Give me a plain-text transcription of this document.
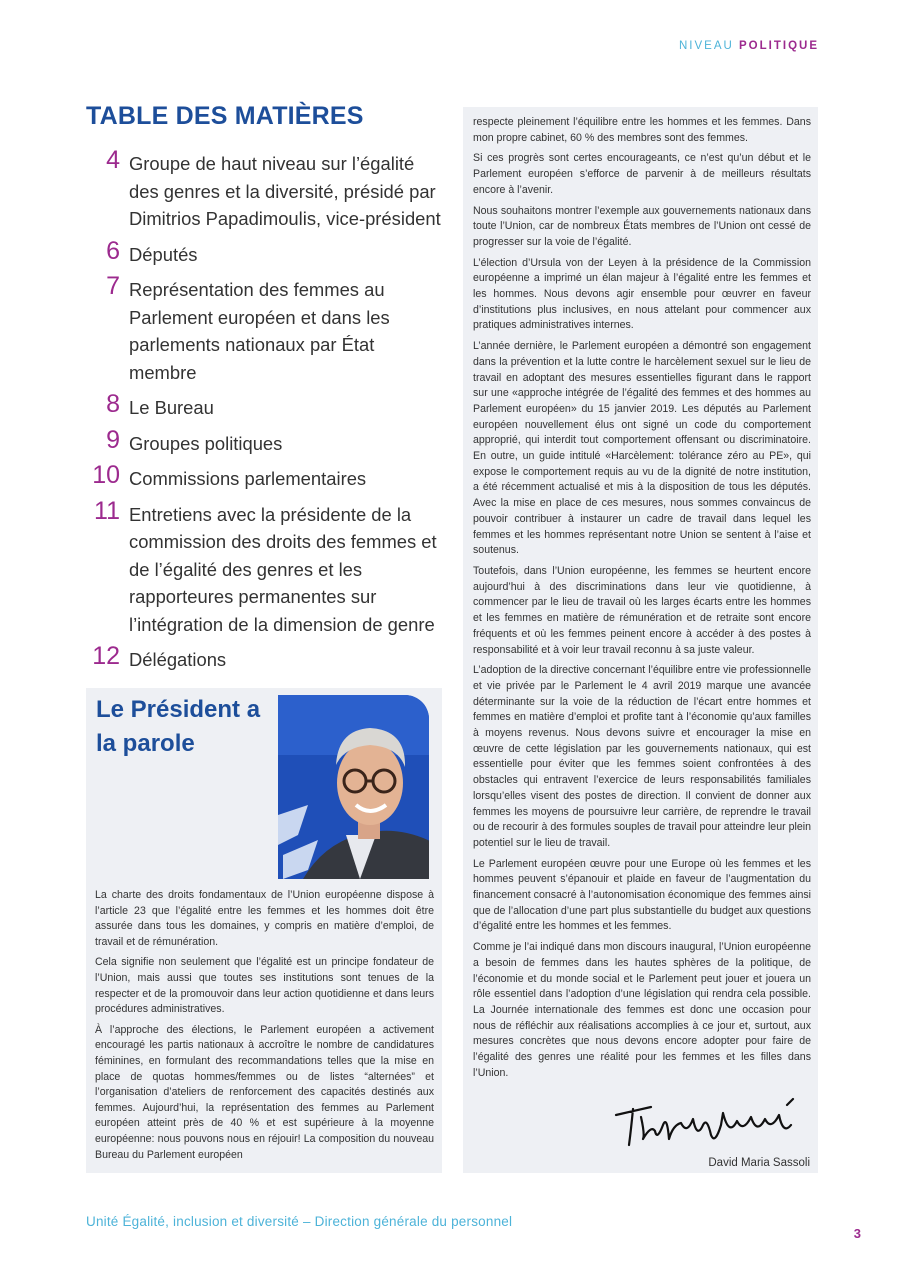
NIVEAU POLITIQUE
TABLE DES MATIÈRES
4 Groupe de haut niveau sur l’égalité des genres et la diversité, présidé par Dimitrios Papadimoulis, vice-président
6 Députés
7 Représentation des femmes au Parlement européen et dans les parlements nationaux par État membre
8 Le Bureau
9 Groupes politiques
10 Commissions parlementaires
11 Entretiens avec la présidente de la commission des droits des femmes et de l’égalité des genres et les rapporteures permanentes sur l’intégration de la dimension de genre
12 Délégations
Le Président a la parole

La charte des droits fondamentaux de l’Union européenne dispose à l’article 23 que l’égalité entre les femmes et les hommes doit être assurée dans tous les domaines, y compris en matière d’emploi, de travail et de rémunération.

Cela signifie non seulement que l’égalité est un principe fondateur de l’Union, mais aussi que toutes ses institutions sont tenues de la respecter et de la promouvoir dans leur action quotidienne et dans leurs procédures administratives.

À l’approche des élections, le Parlement européen a activement encouragé les partis nationaux à accroître le nombre de candidatures féminines, en formulant des recommandations telles que la mise en place de quotas hommes/femmes ou de listes “alternées” et l’organisation d’ateliers de renforcement des capacités destinés aux femmes. Aujourd’hui, la représentation des femmes au Parlement européen atteint près de 40 % et est supérieure à la moyenne européenne: nous pouvons nous en réjouir! La composition du nouveau Bureau du Parlement européen

respecte pleinement l’équilibre entre les hommes et les femmes. Dans mon propre cabinet, 60 % des membres sont des femmes.

Si ces progrès sont certes encourageants, ce n’est qu’un début et le Parlement européen s’efforce de parvenir à de meilleurs résultats encore à l’avenir.

Nous souhaitons montrer l’exemple aux gouvernements nationaux dans toute l’Union, car de nombreux États membres de l’Union ont cessé de progresser sur la voie de l’égalité.

L’élection d’Ursula von der Leyen à la présidence de la Commission européenne a imprimé un élan majeur à l’égalité entre les femmes et les hommes. Nous devons agir ensemble pour œuvrer en faveur d’institutions plus inclusives, en nous attelant pour commencer aux pratiques administratives internes.

L’année dernière, le Parlement européen a démontré son engagement dans la prévention et la lutte contre le harcèlement sexuel sur le lieu de travail en adoptant des mesures essentielles figurant dans le rapport sur une «approche intégrée de l’égalité des femmes et des hommes au Parlement européen» du 15 janvier 2019. Les députés au Parlement européen nouvellement élus ont signé un code du comportement approprié, qui interdit tout comportement offensant ou discriminatoire. En outre, un guide intitulé «Harcèlement: tolérance zéro au PE», qui expose le comportement requis au vu de la dignité de notre institution, a été récemment actualisé et mis à la disposition de tous les députés. Avec la mise en place de ces mesures, nous sommes convaincus de pouvoir contribuer à instaurer un cadre de travail dans lequel les femmes et les hommes représentant notre Union se sentent à l’aise et soutenus.

Toutefois, dans l’Union européenne, les femmes se heurtent encore aujourd’hui à des discriminations dans leur vie quotidienne, à commencer par le lieu de travail où les larges écarts entre les hommes et les femmes en matière de rémunération et de retraite sont encore fréquents et où les femmes peinent encore à accéder à des postes à responsabilité et à voir leur travail reconnu à sa juste valeur.

L’adoption de la directive concernant l’équilibre entre vie professionnelle et vie privée par le Parlement le 4 avril 2019 marque une avancée déterminante sur la voie de la réduction de l’écart entre hommes et femmes en matière d’emploi et profite tant à l’économie qu’aux familles à moyens revenus. Nous devons suivre et encourager la mise en œuvre de cette législation par les gouvernements nationaux, qui est essentielle pour éviter que les femmes soient confrontées à des obstacles qui entravent l’exercice de leurs responsabilités familiales lorsqu’elles visent des postes de direction. Il convient de donner aux femmes les moyens de poursuivre leur carrière, de reprendre le travail ou de recourir à des formules souples de travail pour atteindre leur plein potentiel sur le lieu de travail.

Le Parlement européen œuvre pour une Europe où les femmes et les hommes peuvent s’épanouir et plaide en faveur de l’augmentation du financement consacré à l’autonomisation économique des femmes ainsi que de l’allocation d’une part plus substantielle du budget aux questions d’égalité entre les hommes et les femmes.

Comme je l’ai indiqué dans mon discours inaugural, l’Union européenne a besoin de femmes dans les hautes sphères de la politique, de l’économie et du monde social et le Parlement peut jouer et jouera un rôle essentiel dans l’adoption d’une législation qui rendra cela possible. La Journée internationale des femmes est donc une occasion pour nous de réfléchir aux réalisations accomplies à ce jour et, surtout, aux mesures concrètes que nous devons encore adopter pour faire de l’égalité des genres une réalité pour les femmes et les filles dans l’Union.

David Maria Sassoli
Unité Égalité, inclusion et diversité – Direction générale du personnel
3
